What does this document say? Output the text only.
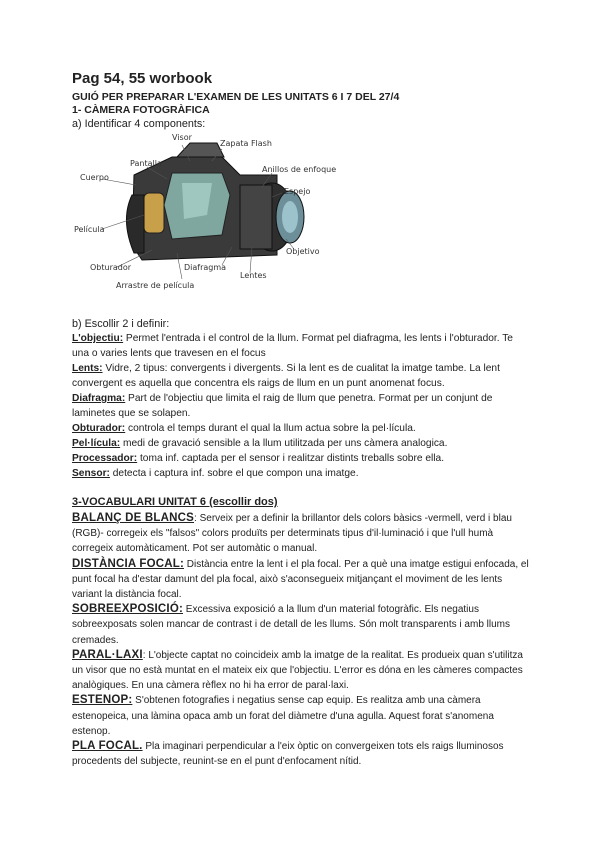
Pag 54, 55 worbook

GUIÓ PER PREPARAR L'EXAMEN DE LES UNITATS 6 I 7 DEL 27/4

1- CÀMERA FOTOGRÀFICA

a) Identificar 4 components:

Visor
Zapata Flash
Pantalla
Anillos de enfoque
Cuerpo
Espejo
Película
Objetivo
Obturador	Diafragma
Lentes
Arrastre de película

b) Escollir 2 i definir:

L'objectiu: Permet l'entrada i el control de la llum. Format pel diafragma, les lents i l'obturador. Te una o varies lents que travesen en el focus

Lents: Vidre, 2 tipus: convergents i divergents. Si la lent es de cualitat la imatge tambe. La lent convergent es aquella que concentra els raigs de llum en un punt anomenat focus.

Diafragma: Part de l'objectiu que limita el raig de llum que penetra. Format per un conjunt de laminetes que se solapen.

Obturador: controla el temps durant el qual la llum actua sobre la pel·lícula.

Pel·lícula: medi de gravació sensible a la llum utilitzada per uns càmera analogica.

Processador: toma inf. captada per el sensor i realitzar distints treballs sobre ella.

Sensor: detecta i captura inf. sobre el que compon una imatge.

3-VOCABULARI UNITAT 6 (escollir dos)

BALANÇ DE BLANCS: Serveix per a definir la brillantor dels colors bàsics -vermell, verd i blau (RGB)- corregeix els "falsos" colors produïts per determinats tipus d'il·luminació i que l'ull humà corregeix automàticament. Pot ser automàtic o manual.

DISTÀNCIA FOCAL: Distància entre la lent i el pla focal. Per a què una imatge estigui enfocada, el punt focal ha d'estar damunt del pla focal, això s'aconsegueix mitjançant el moviment de les lents variant la distància focal.

SOBREEXPOSICIÓ: Excessiva exposició a la llum d'un material fotogràfic. Els negatius sobreexposats solen mancar de contrast i de detall de les llums. Són molt transparents i amb llums cremades.

PARAL·LAXI: L'objecte captat no coincideix amb la imatge de la realitat. Es produeix quan s'utilitza un visor que no està muntat en el mateix eix que l'objectiu. L'error es dóna en les càmeres compactes analògiques. En una càmera rèflex no hi ha error de paral·laxi.

ESTENOP: S'obtenen fotografies i negatius sense cap equip. Es realitza amb una càmera estenopeica, una làmina opaca amb un forat del diàmetre d'una agulla. Aquest forat s'anomena estenop.

PLA FOCAL. Pla imaginari perpendicular a l'eix òptic on convergeixen tots els raigs lluminosos procedents del subjecte, reunint-se en el punt d'enfocament nítid.
